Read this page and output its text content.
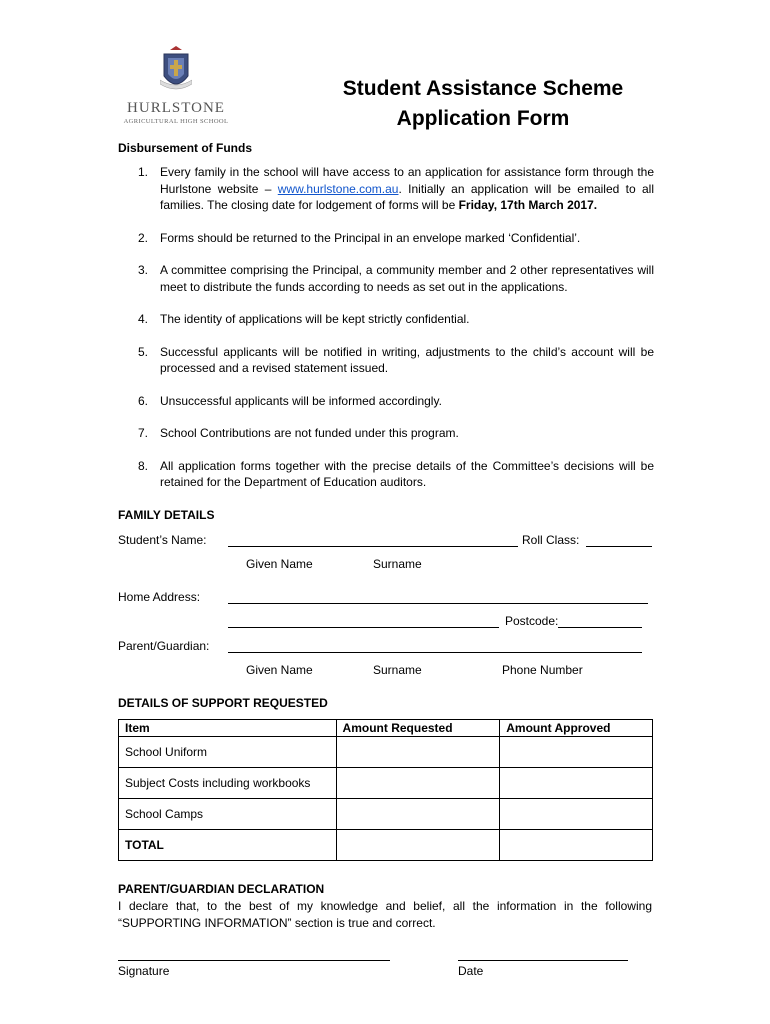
HURLSTONE
AGRICULTURAL HIGH SCHOOL
Student Assistance Scheme
Application Form
Disbursement of Funds
1. Every family in the school will have access to an application for assistance form through the Hurlstone website – www.hurlstone.com.au. Initially an application will be emailed to all families. The closing date for lodgement of forms will be Friday, 17th March 2017.
2. Forms should be returned to the Principal in an envelope marked ‘Confidential’.
3. A committee comprising the Principal, a community member and 2 other representatives will meet to distribute the funds according to needs as set out in the applications.
4. The identity of applications will be kept strictly confidential.
5. Successful applicants will be notified in writing, adjustments to the child’s account will be processed and a revised statement issued.
6. Unsuccessful applicants will be informed accordingly.
7. School Contributions are not funded under this program.
8. All application forms together with the precise details of the Committee’s decisions will be retained for the Department of Education auditors.
FAMILY DETAILS
Student’s Name:	Roll Class:
Given Name	Surname
Home Address:
Postcode:
Parent/Guardian:
Given Name	Surname	Phone Number
DETAILS OF SUPPORT REQUESTED
Item	Amount Requested	Amount Approved
School Uniform		
Subject Costs including workbooks		
School Camps		
TOTAL		
PARENT/GUARDIAN DECLARATION
I declare that, to the best of my knowledge and belief, all the information in the following “SUPPORTING INFORMATION” section is true and correct.
Signature	Date
